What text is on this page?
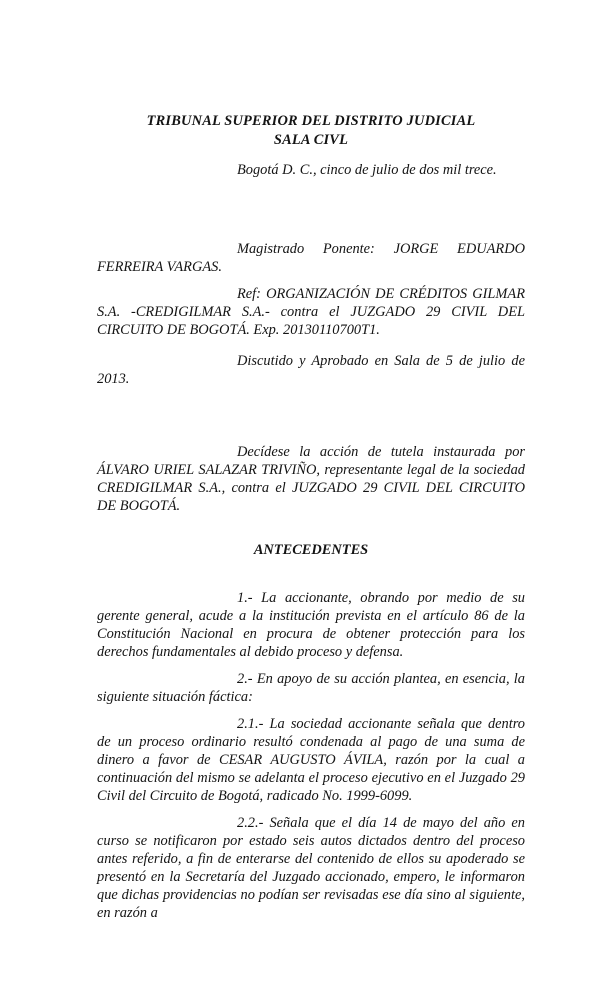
TRIBUNAL SUPERIOR DEL DISTRITO JUDICIAL
SALA CIVL

Bogotá D. C., cinco de julio de dos mil trece.

Magistrado Ponente: JORGE EDUARDO FERREIRA VARGAS.

Ref: ORGANIZACIÓN DE CRÉDITOS GILMAR S.A. -CREDIGILMAR S.A.- contra el JUZGADO 29 CIVIL DEL CIRCUITO DE BOGOTÁ. Exp. 20130110700T1.

Discutido y Aprobado en Sala de 5 de julio de 2013.

Decídese la acción de tutela instaurada por ÁLVARO URIEL SALAZAR TRIVIÑO, representante legal de la sociedad CREDIGILMAR S.A., contra el JUZGADO 29 CIVIL DEL CIRCUITO DE BOGOTÁ.

ANTECEDENTES

1.- La accionante, obrando por medio de su gerente general, acude a la institución prevista en el artículo 86 de la Constitución Nacional en procura de obtener protección para los derechos fundamentales al debido proceso y defensa.

2.- En apoyo de su acción plantea, en esencia, la siguiente situación fáctica:

2.1.- La sociedad accionante señala que dentro de un proceso ordinario resultó condenada al pago de una suma de dinero a favor de CESAR AUGUSTO ÁVILA, razón por la cual a continuación del mismo se adelanta el proceso ejecutivo en el Juzgado 29 Civil del Circuito de Bogotá, radicado No. 1999-6099.

2.2.- Señala que el día 14 de mayo del año en curso se notificaron por estado seis autos dictados dentro del proceso antes referido, a fin de enterarse del contenido de ellos su apoderado se presentó en la Secretaría del Juzgado accionado, empero, le informaron que dichas providencias no podían ser revisadas ese día sino al siguiente, en razón a
